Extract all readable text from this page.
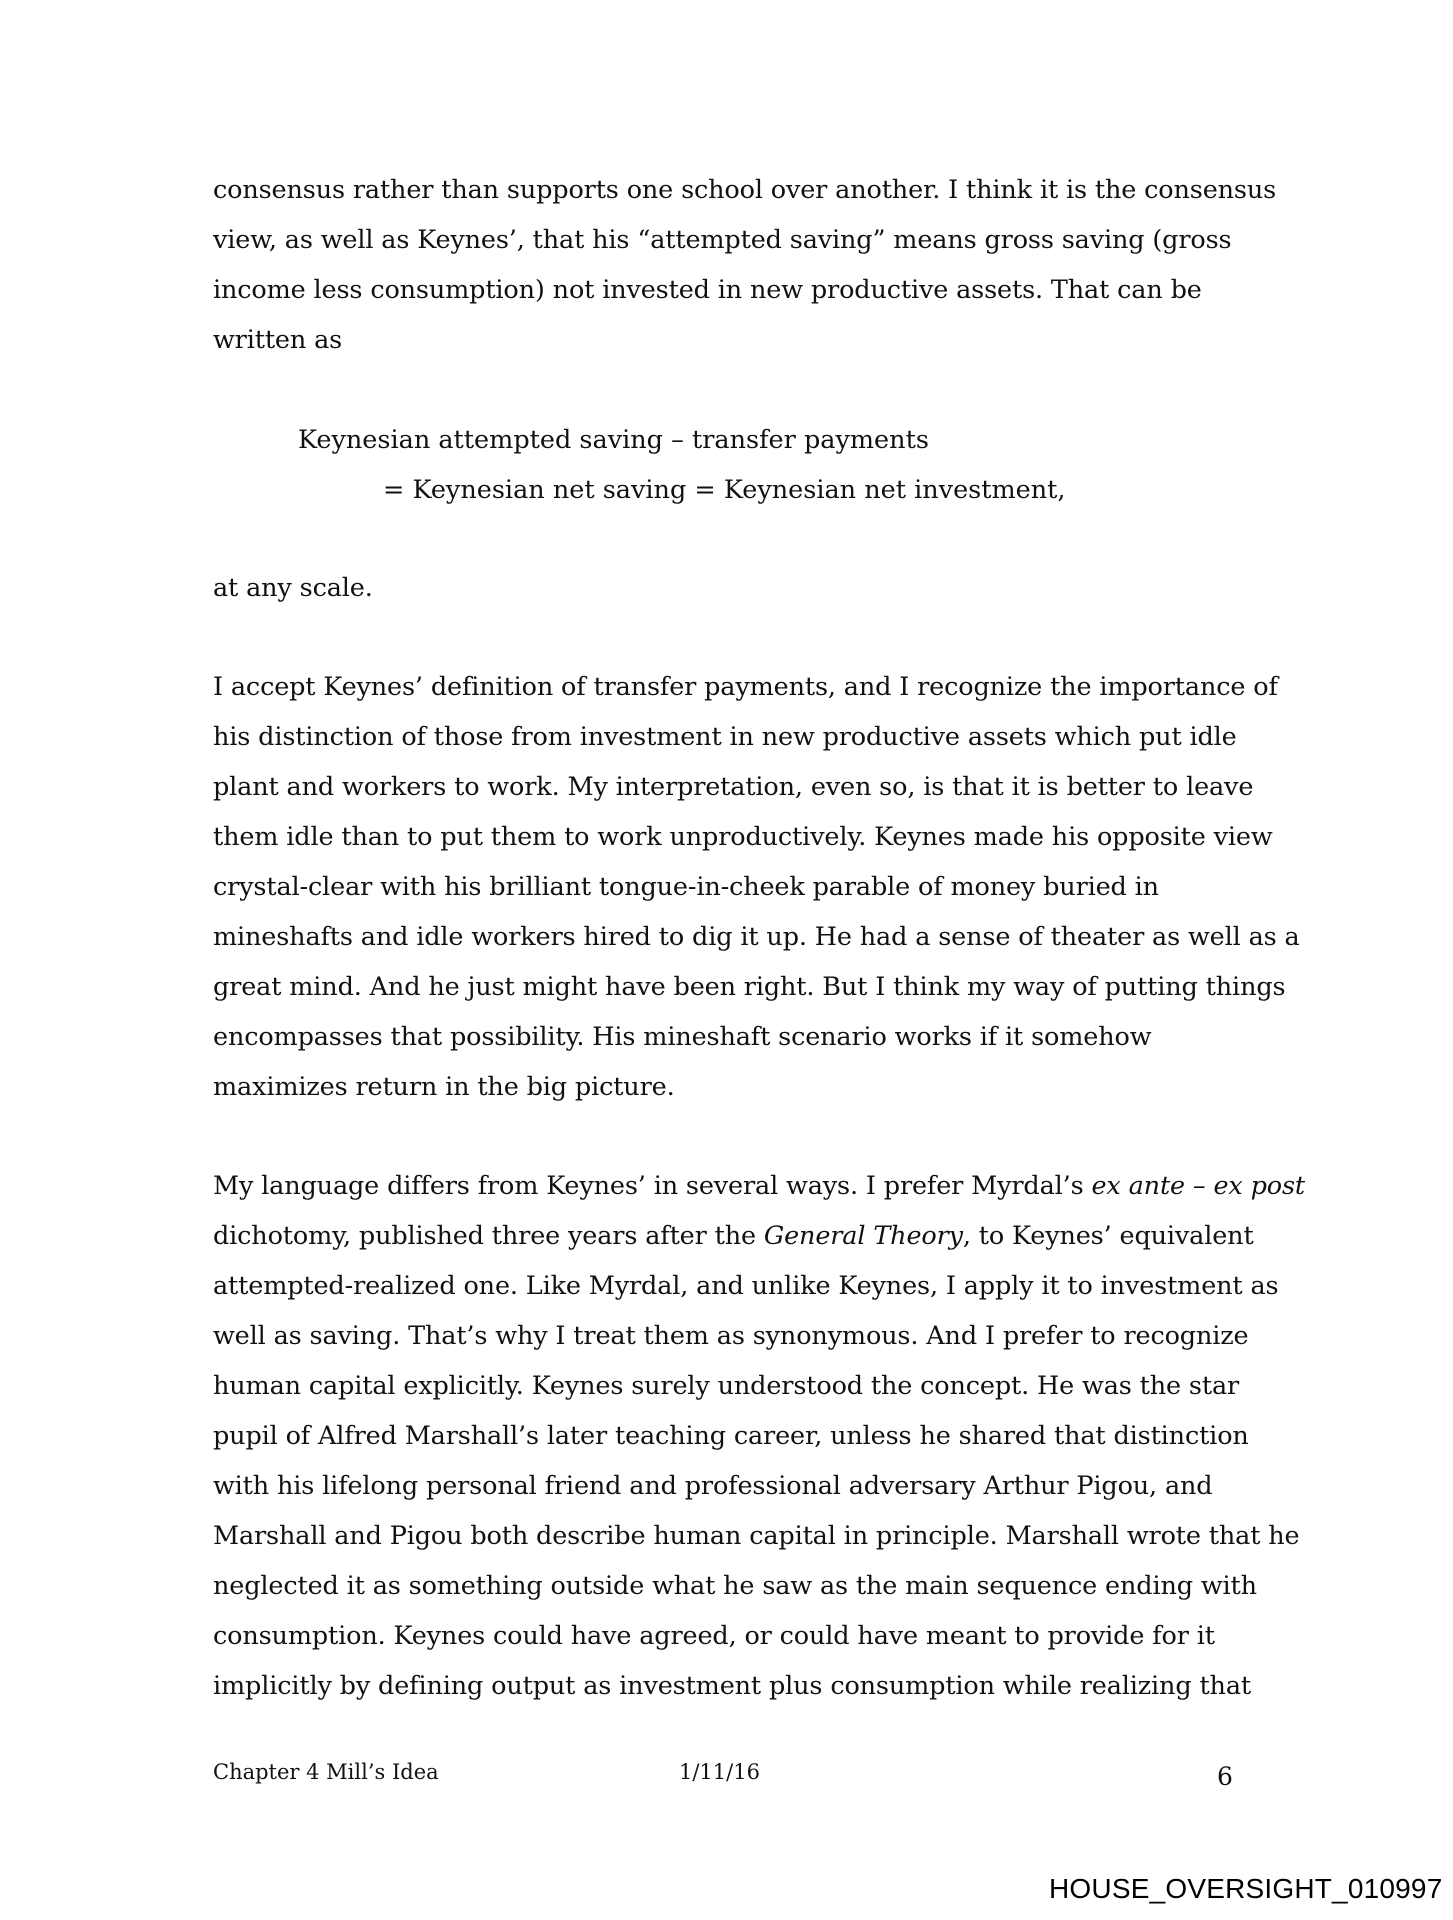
consensus rather than supports one school over another. I think it is the consensus
view, as well as Keynes’, that his “attempted saving” means gross saving (gross
income less consumption) not invested in new productive assets. That can be
written as
Keynesian attempted saving – transfer payments
= Keynesian net saving = Keynesian net investment,
at any scale.
I accept Keynes’ definition of transfer payments, and I recognize the importance of
his distinction of those from investment in new productive assets which put idle
plant and workers to work. My interpretation, even so, is that it is better to leave
them idle than to put them to work unproductively. Keynes made his opposite view
crystal-clear with his brilliant tongue-in-cheek parable of money buried in
mineshafts and idle workers hired to dig it up. He had a sense of theater as well as a
great mind. And he just might have been right. But I think my way of putting things
encompasses that possibility. His mineshaft scenario works if it somehow
maximizes return in the big picture.
My language differs from Keynes’ in several ways. I prefer Myrdal’s ex ante – ex post
dichotomy, published three years after the General Theory, to Keynes’ equivalent
attempted-realized one. Like Myrdal, and unlike Keynes, I apply it to investment as
well as saving. That’s why I treat them as synonymous. And I prefer to recognize
human capital explicitly. Keynes surely understood the concept. He was the star
pupil of Alfred Marshall’s later teaching career, unless he shared that distinction
with his lifelong personal friend and professional adversary Arthur Pigou, and
Marshall and Pigou both describe human capital in principle. Marshall wrote that he
neglected it as something outside what he saw as the main sequence ending with
consumption. Keynes could have agreed, or could have meant to provide for it
implicitly by defining output as investment plus consumption while realizing that
Chapter 4 Mill’s Idea	1/11/16	6
HOUSE_OVERSIGHT_010997
